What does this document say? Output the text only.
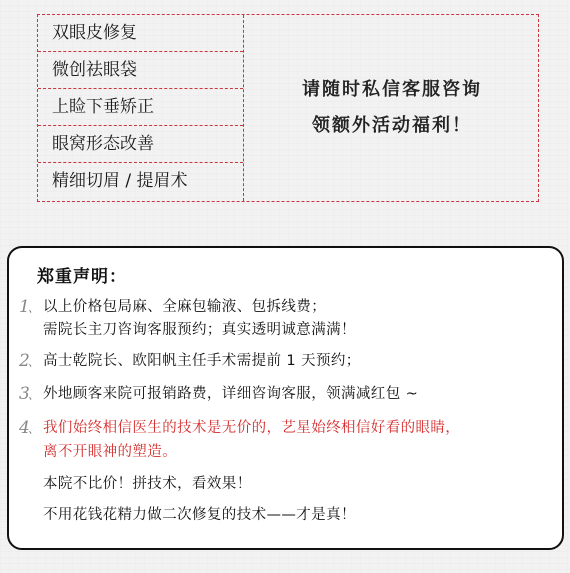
双眼皮修复
微创祛眼袋
上睑下垂矫正
眼窝形态改善
精细切眉 / 提眉术
请随时私信客服咨询
领额外活动福利！
郑重声明：
1、 以上价格包局麻、全麻包输液、包拆线费；
需院长主刀咨询客服预约；真实透明诚意满满！
2、 高士乾院长、欧阳帆主任手术需提前 1 天预约；
3、 外地顾客来院可报销路费，详细咨询客服，领满减红包 ~
4、 我们始终相信医生的技术是无价的，艺星始终相信好看的眼睛，
离不开眼神的塑造。
本院不比价！拼技术，看效果！
不用花钱花精力做二次修复的技术——才是真！
